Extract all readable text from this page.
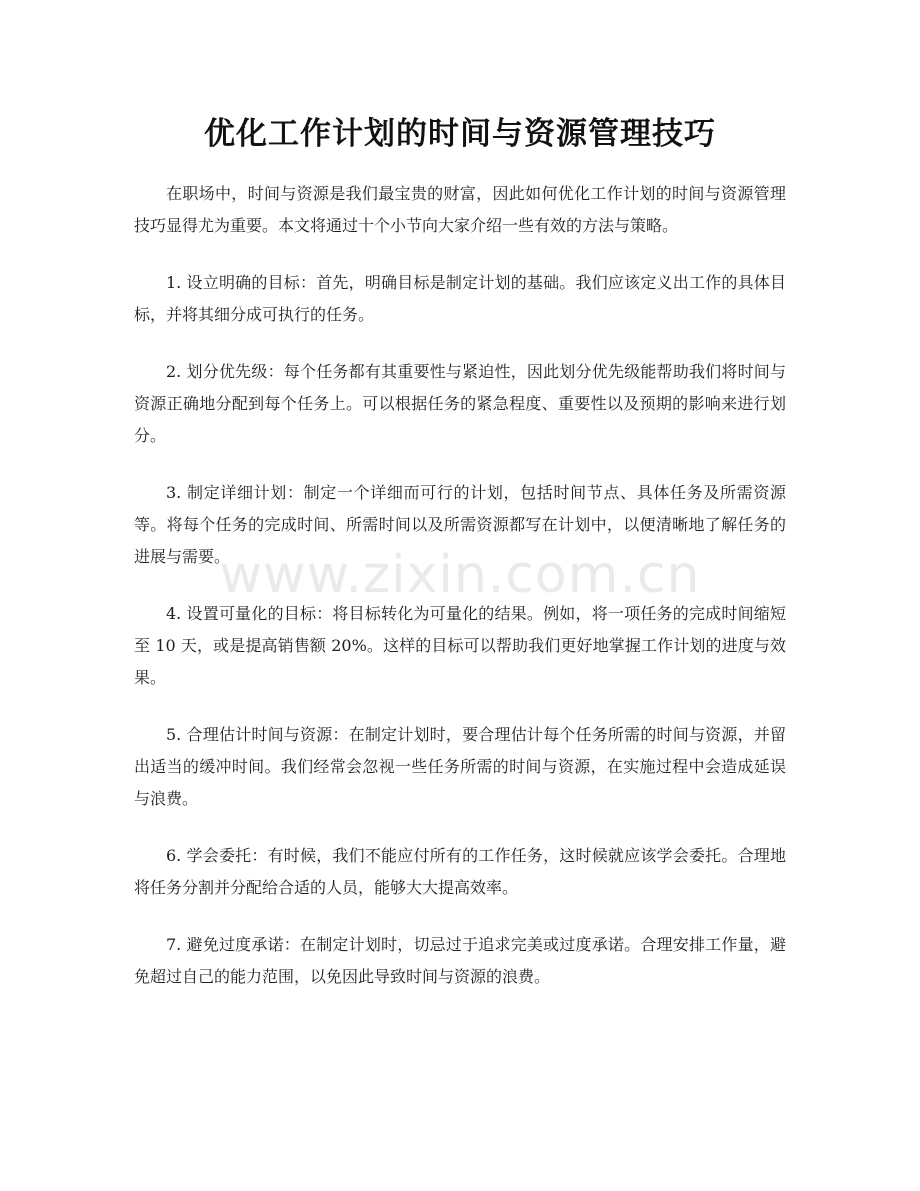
优化工作计划的时间与资源管理技巧
www.zixin.com.cn

在职场中，时间与资源是我们最宝贵的财富，因此如何优化工作计划的时间与资源管理技巧显得尤为重要。本文将通过十个小节向大家介绍一些有效的方法与策略。

1. 设立明确的目标：首先，明确目标是制定计划的基础。我们应该定义出工作的具体目标，并将其细分成可执行的任务。

2. 划分优先级：每个任务都有其重要性与紧迫性，因此划分优先级能帮助我们将时间与资源正确地分配到每个任务上。可以根据任务的紧急程度、重要性以及预期的影响来进行划分。

3. 制定详细计划：制定一个详细而可行的计划，包括时间节点、具体任务及所需资源等。将每个任务的完成时间、所需时间以及所需资源都写在计划中，以便清晰地了解任务的进展与需要。

4. 设置可量化的目标：将目标转化为可量化的结果。例如，将一项任务的完成时间缩短至 10 天，或是提高销售额 20%。这样的目标可以帮助我们更好地掌握工作计划的进度与效果。

5. 合理估计时间与资源：在制定计划时，要合理估计每个任务所需的时间与资源，并留出适当的缓冲时间。我们经常会忽视一些任务所需的时间与资源，在实施过程中会造成延误与浪费。

6. 学会委托：有时候，我们不能应付所有的工作任务，这时候就应该学会委托。合理地将任务分割并分配给合适的人员，能够大大提高效率。

7. 避免过度承诺：在制定计划时，切忌过于追求完美或过度承诺。合理安排工作量，避免超过自己的能力范围，以免因此导致时间与资源的浪费。
